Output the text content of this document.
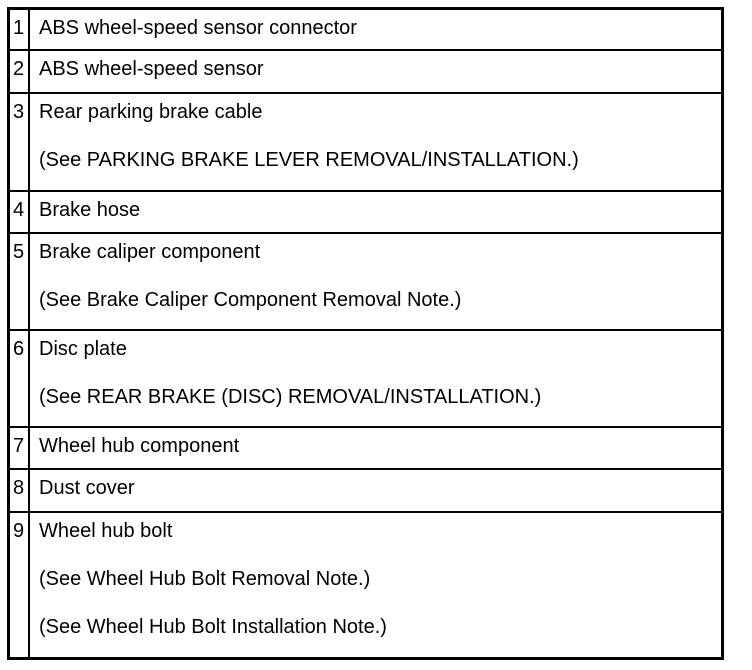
1 ABS wheel-speed sensor connector
2 ABS wheel-speed sensor
3 Rear parking brake cable
(See PARKING BRAKE LEVER REMOVAL/INSTALLATION.)
4 Brake hose
5 Brake caliper component
(See Brake Caliper Component Removal Note.)
6 Disc plate
(See REAR BRAKE (DISC) REMOVAL/INSTALLATION.)
7 Wheel hub component
8 Dust cover
9 Wheel hub bolt
(See Wheel Hub Bolt Removal Note.)
(See Wheel Hub Bolt Installation Note.)
